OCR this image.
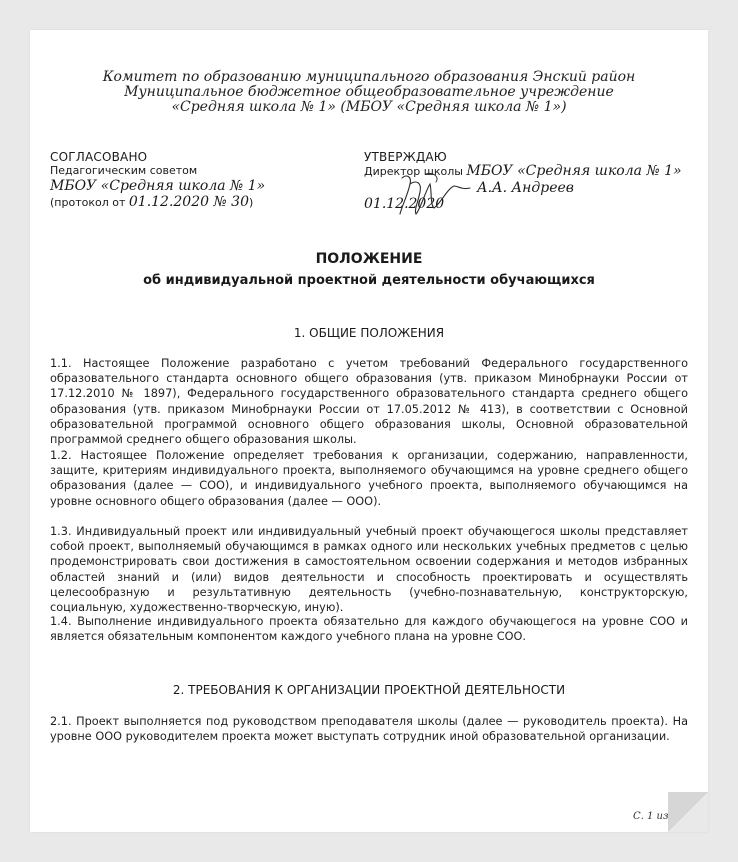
Комитет по образованию муниципального образования Энский район
Муниципальное бюджетное общеобразовательное учреждение
«Средняя школа № 1» (МБОУ «Средняя школа № 1»)
СОГЛАСОВАНО
Педагогическим советом
МБОУ «Средняя школа № 1»
(протокол от 01.12.2020 № 30)
УТВЕРЖДАЮ
Директор школы МБОУ «Средняя школа № 1»
А.А. Андреев
01.12.2020
ПОЛОЖЕНИЕ
об индивидуальной проектной деятельности обучающихся
1. ОБЩИЕ ПОЛОЖЕНИЯ
1.1. Настоящее Положение разработано с учетом требований Федерального государственного образовательного стандарта основного общего образования (утв. приказом Минобрнауки России от 17.12.2010 № 1897), Федерального государственного образовательного стандарта среднего общего образования (утв. приказом Минобрнауки России от 17.05.2012 № 413), в соответствии с Основной образовательной программой основного общего образования школы, Основной образовательной программой среднего общего образования школы.
1.2. Настоящее Положение определяет требования к организации, содержанию, направленности, защите, критериям индивидуального проекта, выполняемого обучающимся на уровне среднего общего образования (далее — СОО), и индивидуального учебного проекта, выполняемого обучающимся на уровне основного общего образования (далее — ООО).
1.3. Индивидуальный проект или индивидуальный учебный проект обучающегося школы представляет собой проект, выполняемый обучающимся в рамках одного или нескольких учебных предметов с целью продемонстрировать свои достижения в самостоятельном освоении содержания и методов избранных областей знаний и (или) видов деятельности и способность проектировать и осуществлять целесообразную и результативную деятельность (учебно-познавательную, конструкторскую, социальную, художественно-творческую, иную).
1.4. Выполнение индивидуального проекта обязательно для каждого обучающегося на уровне СОО и является обязательным компонентом каждого учебного плана на уровне СОО.
2. ТРЕБОВАНИЯ К ОРГАНИЗАЦИИ ПРОЕКТНОЙ ДЕЯТЕЛЬНОСТИ
2.1. Проект выполняется под руководством преподавателя школы (далее — руководитель проекта). На уровне ООО руководителем проекта может выступать сотрудник иной образовательной организации.
С. 1 из 6
